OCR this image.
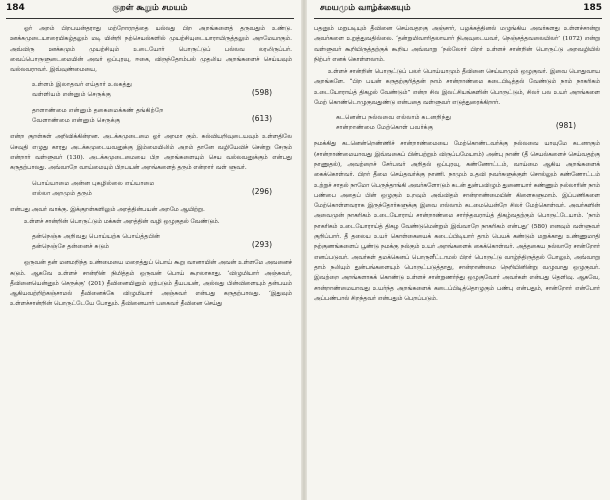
184	குறள் கூறும் சமயம்

ஓர் அறம் பிறபயன்தராது மற்றோரறத்தை யல்லது பிற அறங்களைத் தருவதும் உண்டு. ஊக்கமுடையாரையிகழ்தலும் மடி யின்றி நற்செயல்களில் முயற்சியுடையாராயிருத்தலும் அறமேயாகும். அவ்விரு ஊக்கமும் முயற்சியும் உடையோர் பொருட்டுப் பல்லவ லரலிருப்பர். வைப்பொருளுடைமையின் அவர் ஒப்புரவு, ஈகை, விருந்தோம்பல் முதலிய அறங்களைச் செய்யவும் வல்லவராவர். இவ்வுண்மையை,

உள்ளம் இலாதவர் எய்தார் உலகத்து
வள்ளியம் என்னும் செருக்கு	(598)
தாளாண்மை என்னும் தகைமைக்கண் தங்கிற்றே
வேளாண்மை என்னும் செருக்கு	(613)

என்ற குறள்கள் அறிவிக்கின்றன. அடக்கமுடைமை ஓர் அறமா கும். கல்வியறிவுடையவும் உள்ளதிலே செவுதி எழுது காரது அடக்கமுடையவனுக்கு இம்மையிலிம் அறம் தானே வழியேவிச் சென்று சேரும் என்றார் வள்ளுவர் (130). அடக்கமுடைமையை பிற அறங்களையும் செய வல்லவனுக்கும் என்பது கருதற்பாலது. அவ்வாறே வாய்மையும் பிறபயன் அறங்களைத் தரும் என்றார் வள் ளுவர்.

பொய்யாமை அன்ன புகழில்லை எய்யாமை
எல்லா அறமும் தரும்	(296)

என்பது அவர் வாக்கு. இக்குறள்களிலும் அறத்தின்பயன் அறமே ஆயிற்று.

உள்ளச் சான்றின் பொருட்டும் மக்கள் அறத்தின் வழி ஒழுகுதல் வேண்டும்.

தன்நெஞ்சு அறிவது பொய்யற்க பொய்த்தபின்
தன்நெஞ்சே தன்னைச் சுடும்	(293)

ஒருவன் தன் மனமறிந்த உண்மையை மறைத்துப் பொய் கூறு வானாயின் அவன் உள்ளமே அவனைச் சுடும். ஆகவே உள்ளச் சான்றின் நிமித்தம் ஒருவன் பொய் கூறலாகாது. ‘விழுமியார் அஞ்சுவர், தீவினையென்னும் செருக்கு’ (201) தீவினையினும் ஏற்படும் தீயபயன், அல்லது பின்விளையும் தன்பயம் ஆகியவற்றிற்கஞ்சாமல் தீவினைக்கே விழுமியார் அஞ்சுவர் என்பது கருதற்பாலது. ‘இதுவும் உள்ளச்சான்றின் பொருட்டேயே போதும். தீவினையார் பகைவர் தீவினை செய்து

சமயமும் வாழ்க்கையும்	185

பதனும் மறுபடியும் தீவினை செய்வதறகு அஞ்சார், பழக்கத்தினல் மழுங்கிய அவர்களது உள்ளச்சான்று அவர்களை உறுத்துவதில்லை. ‘தன்றுமிவாரிதலாயார் நிஅவுடையவர், நெஞ்சத்தவலையிலர்’ (1072) என்று வள்ளுவர் கூறியிருத்தற்குக் கூறிய அவ்வாறு ‘நல்லோர் பிறர் உள்ளச் சான்றின் பொருட்டு அறவழியில் நிற்பர் எனக் கொள்ளலாம்.

உள்ளச் சான்றின் பொருட்டுப் பலர் பொய்யாமும் தீவினை செய்யாமும் ஒழுகுவர். இவை பொதுவாய அறங்களே. “பிற பயன் கருதற்குரித்தன் நாம் சான்றாண்மை கடைபிடித்தல் வேண்டும் நாம் நாகரிகம் உடையோராய்த் திகழல் வேண்டும்” என்ற சில இலட்சியங்களின் பொருட்டும், சிலர் பல உயர் அறங்களை மேற் கொண்டொழுகுவதுண்டு என்பதை வள்ளுவர் எடுத்துரைக்கிறார்.

கடனென்ப நல்லவை எல்லாம் கடனறிந்து
சான்றாண்மை மேற்கொள் பவர்க்கு	(981)

நமக்கிது கடனென்றெண்ணிச் சான்றாண்மையை மேற்கொண்டவர்க்கு நல்லவை யாவுமே கடனாகும் (சான்றாண்மையாவது இவ்வகைப் பின்பற்றும் விருப்பமேயாம்) அன்பு நாண் (தீ செயல்களைச் செய்வதற்கு நாணுதல்), அவற்றைச் சேர்பவர் அறிதல் ஒப்புரவு, கண்ணோட்டம், வாய்மை ஆகிய அறங்களைக் கைக்கொள்வர். பிறர் தீமை செய்தவர்க்கு நாணி. நாமும் உதவி நவர்களுக்குள் சொல்லும் கண்ணோட்டம் உற்றுச் சாதல் நாமோ பெருந்தாங்கி அவர்களோடும் கடன் துன்பவிழும் துணையார் கண்ணும் நல்லாரின் நாம் பண்பை அதைப் பின் ஒழுகும் உறவும் அவ்விதம் சான்றாண்மையின் கிளைகளுமாம். இப்பணிகளை மேற்கொள்ளவராக இருந்தோர்களுக்கு இவை எல்லாம் கடமையென்றே சிலர் மேற்கொள்வர். அவர்களின் அவைமுன் நாகரிகம் உடையோராய் சான்றாண்மை சார்ந்தவராய்த் திகழ்வதற்கும் பொருட்டேயாம். ‘நாம் நாகரிகம் உடையோராய்த் திகழ வேண்டுமென்றும் இவ்வாறே நாகரிகம் என்பது’ (580) எனவும் வள்ளுவர் குறிப்பார். தீ தலைய உயர் கொள்கையைக் கடைப்பிடியார் தாம் பெயக் கண்டும் மறுக்காது உண்ணுமாதி நற்குணங்களைப் பூண்டு நமக்கு நல்கும் உயர் அறங்களைக் கைக்கொள்வர். அத்தகைய நல்லாரே சான்றோர் எனப்படுவர். அவர்கள் தமக்கெனப் பொருளீட்டாமல் பிறர் பொருட்டு வாழ்ந்திருத்தல் போலும், அவ்வாறு தாம் நலியும் துன்பங்களையும் பொருட்படுத்தாது, சான்றாண்மை நெறியினின்று வழுவாது ஒழுகுவர். இவற்றை அறங்களாகக் கொண்டு உள்ளச் சான்றுணர்ந்து ஒழுகுவோர் அவர்கள் என்பது தெளிவு. ஆகவே, சான்றாண்மையாவது உயர்ந்த அறங்களைக் கடைப்பிடித்தொழுகும் பண்பு என்பதும், சான்றோர் என்போர் அப்பண்பால் சிறந்தவர் என்பதும் பெறப்படும்.
